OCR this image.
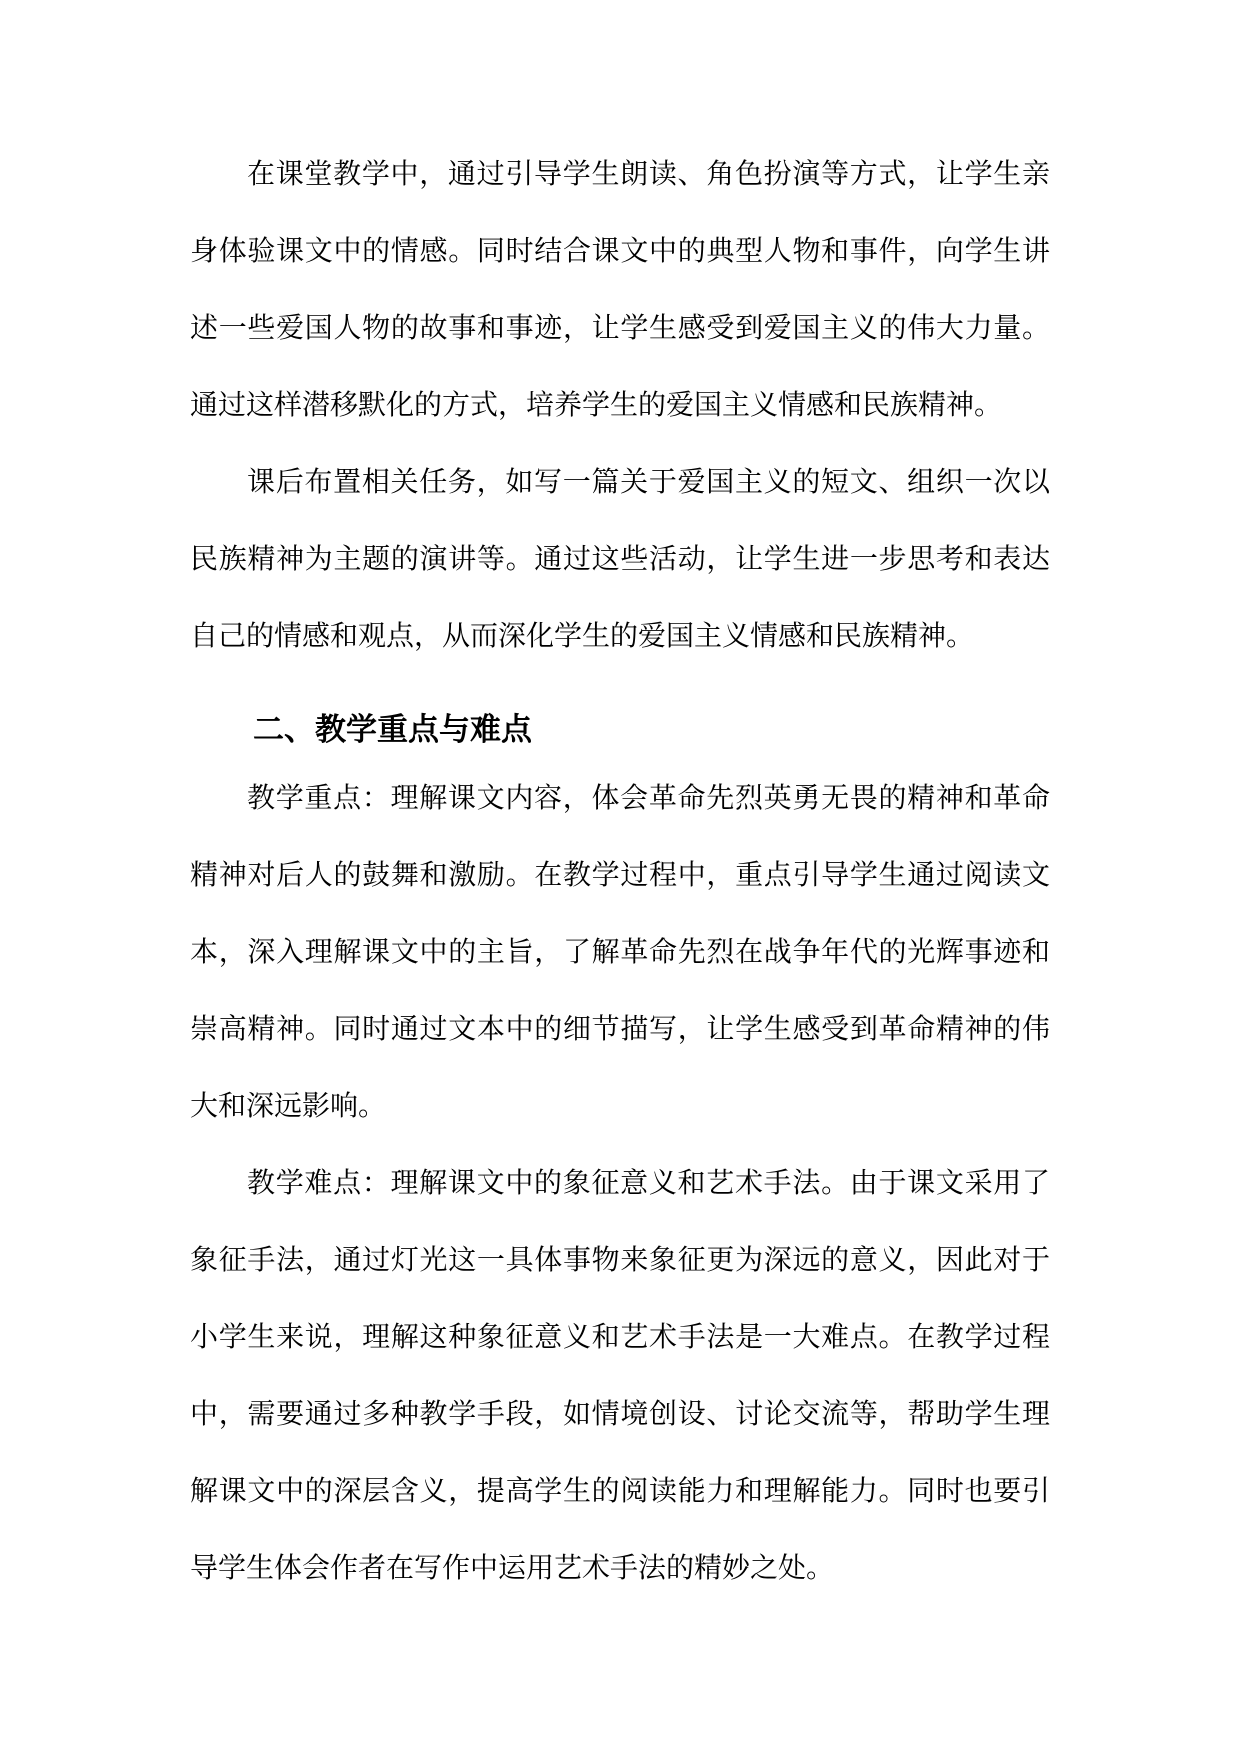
在课堂教学中，通过引导学生朗读、角色扮演等方式，让学生亲身体验课文中的情感。同时结合课文中的典型人物和事件，向学生讲述一些爱国人物的故事和事迹，让学生感受到爱国主义的伟大力量。通过这样潜移默化的方式，培养学生的爱国主义情感和民族精神。

课后布置相关任务，如写一篇关于爱国主义的短文、组织一次以民族精神为主题的演讲等。通过这些活动，让学生进一步思考和表达自己的情感和观点，从而深化学生的爱国主义情感和民族精神。

二、教学重点与难点

教学重点：理解课文内容，体会革命先烈英勇无畏的精神和革命精神对后人的鼓舞和激励。在教学过程中，重点引导学生通过阅读文本，深入理解课文中的主旨，了解革命先烈在战争年代的光辉事迹和崇高精神。同时通过文本中的细节描写，让学生感受到革命精神的伟大和深远影响。

教学难点：理解课文中的象征意义和艺术手法。由于课文采用了象征手法，通过灯光这一具体事物来象征更为深远的意义，因此对于小学生来说，理解这种象征意义和艺术手法是一大难点。在教学过程中，需要通过多种教学手段，如情境创设、讨论交流等，帮助学生理解课文中的深层含义，提高学生的阅读能力和理解能力。同时也要引导学生体会作者在写作中运用艺术手法的精妙之处。
